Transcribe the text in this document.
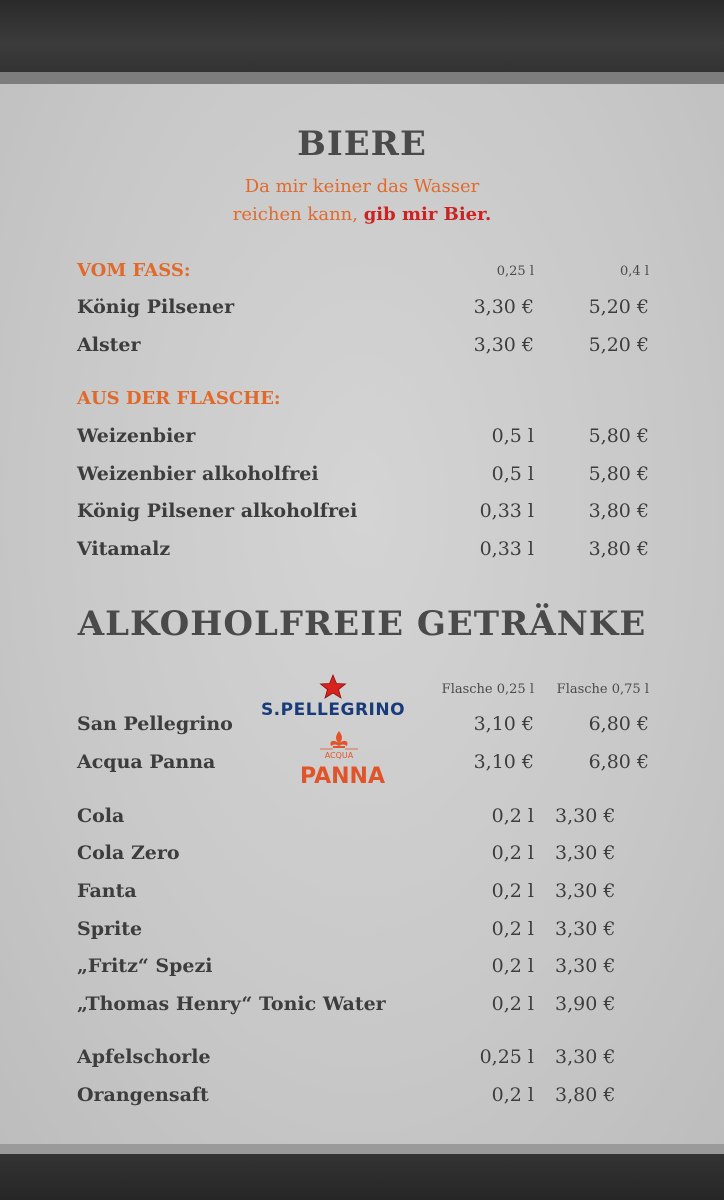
BIERE
Da mir keiner das Wasser
reichen kann, gib mir Bier.
VOM FASS:	0,25 l	0,4 l
König Pilsener	3,30 €	5,20 €
Alster	3,30 €	5,20 €
AUS DER FLASCHE:
Weizenbier	0,5 l	5,80 €
Weizenbier alkoholfrei	0,5 l	5,80 €
König Pilsener alkoholfrei	0,33 l	3,80 €
Vitamalz	0,33 l	3,80 €
ALKOHOLFREIE GETRÄNKE
Flasche 0,25 l Flasche 0,75 l
S.PELLEGRINO
ACQUA
PANNA
San Pellegrino	3,10 €	6,80 €
Acqua Panna	3,10 €	6,80 €
Cola	0,2 l 3,30 €
Cola Zero	0,2 l 3,30 €
Fanta	0,2 l 3,30 €
Sprite	0,2 l 3,30 €
„Fritz“ Spezi	0,2 l 3,30 €
„Thomas Henry“ Tonic Water	0,2 l 3,90 €
Apfelschorle	0,25 l 3,30 €
Orangensaft	0,2 l 3,80 €
